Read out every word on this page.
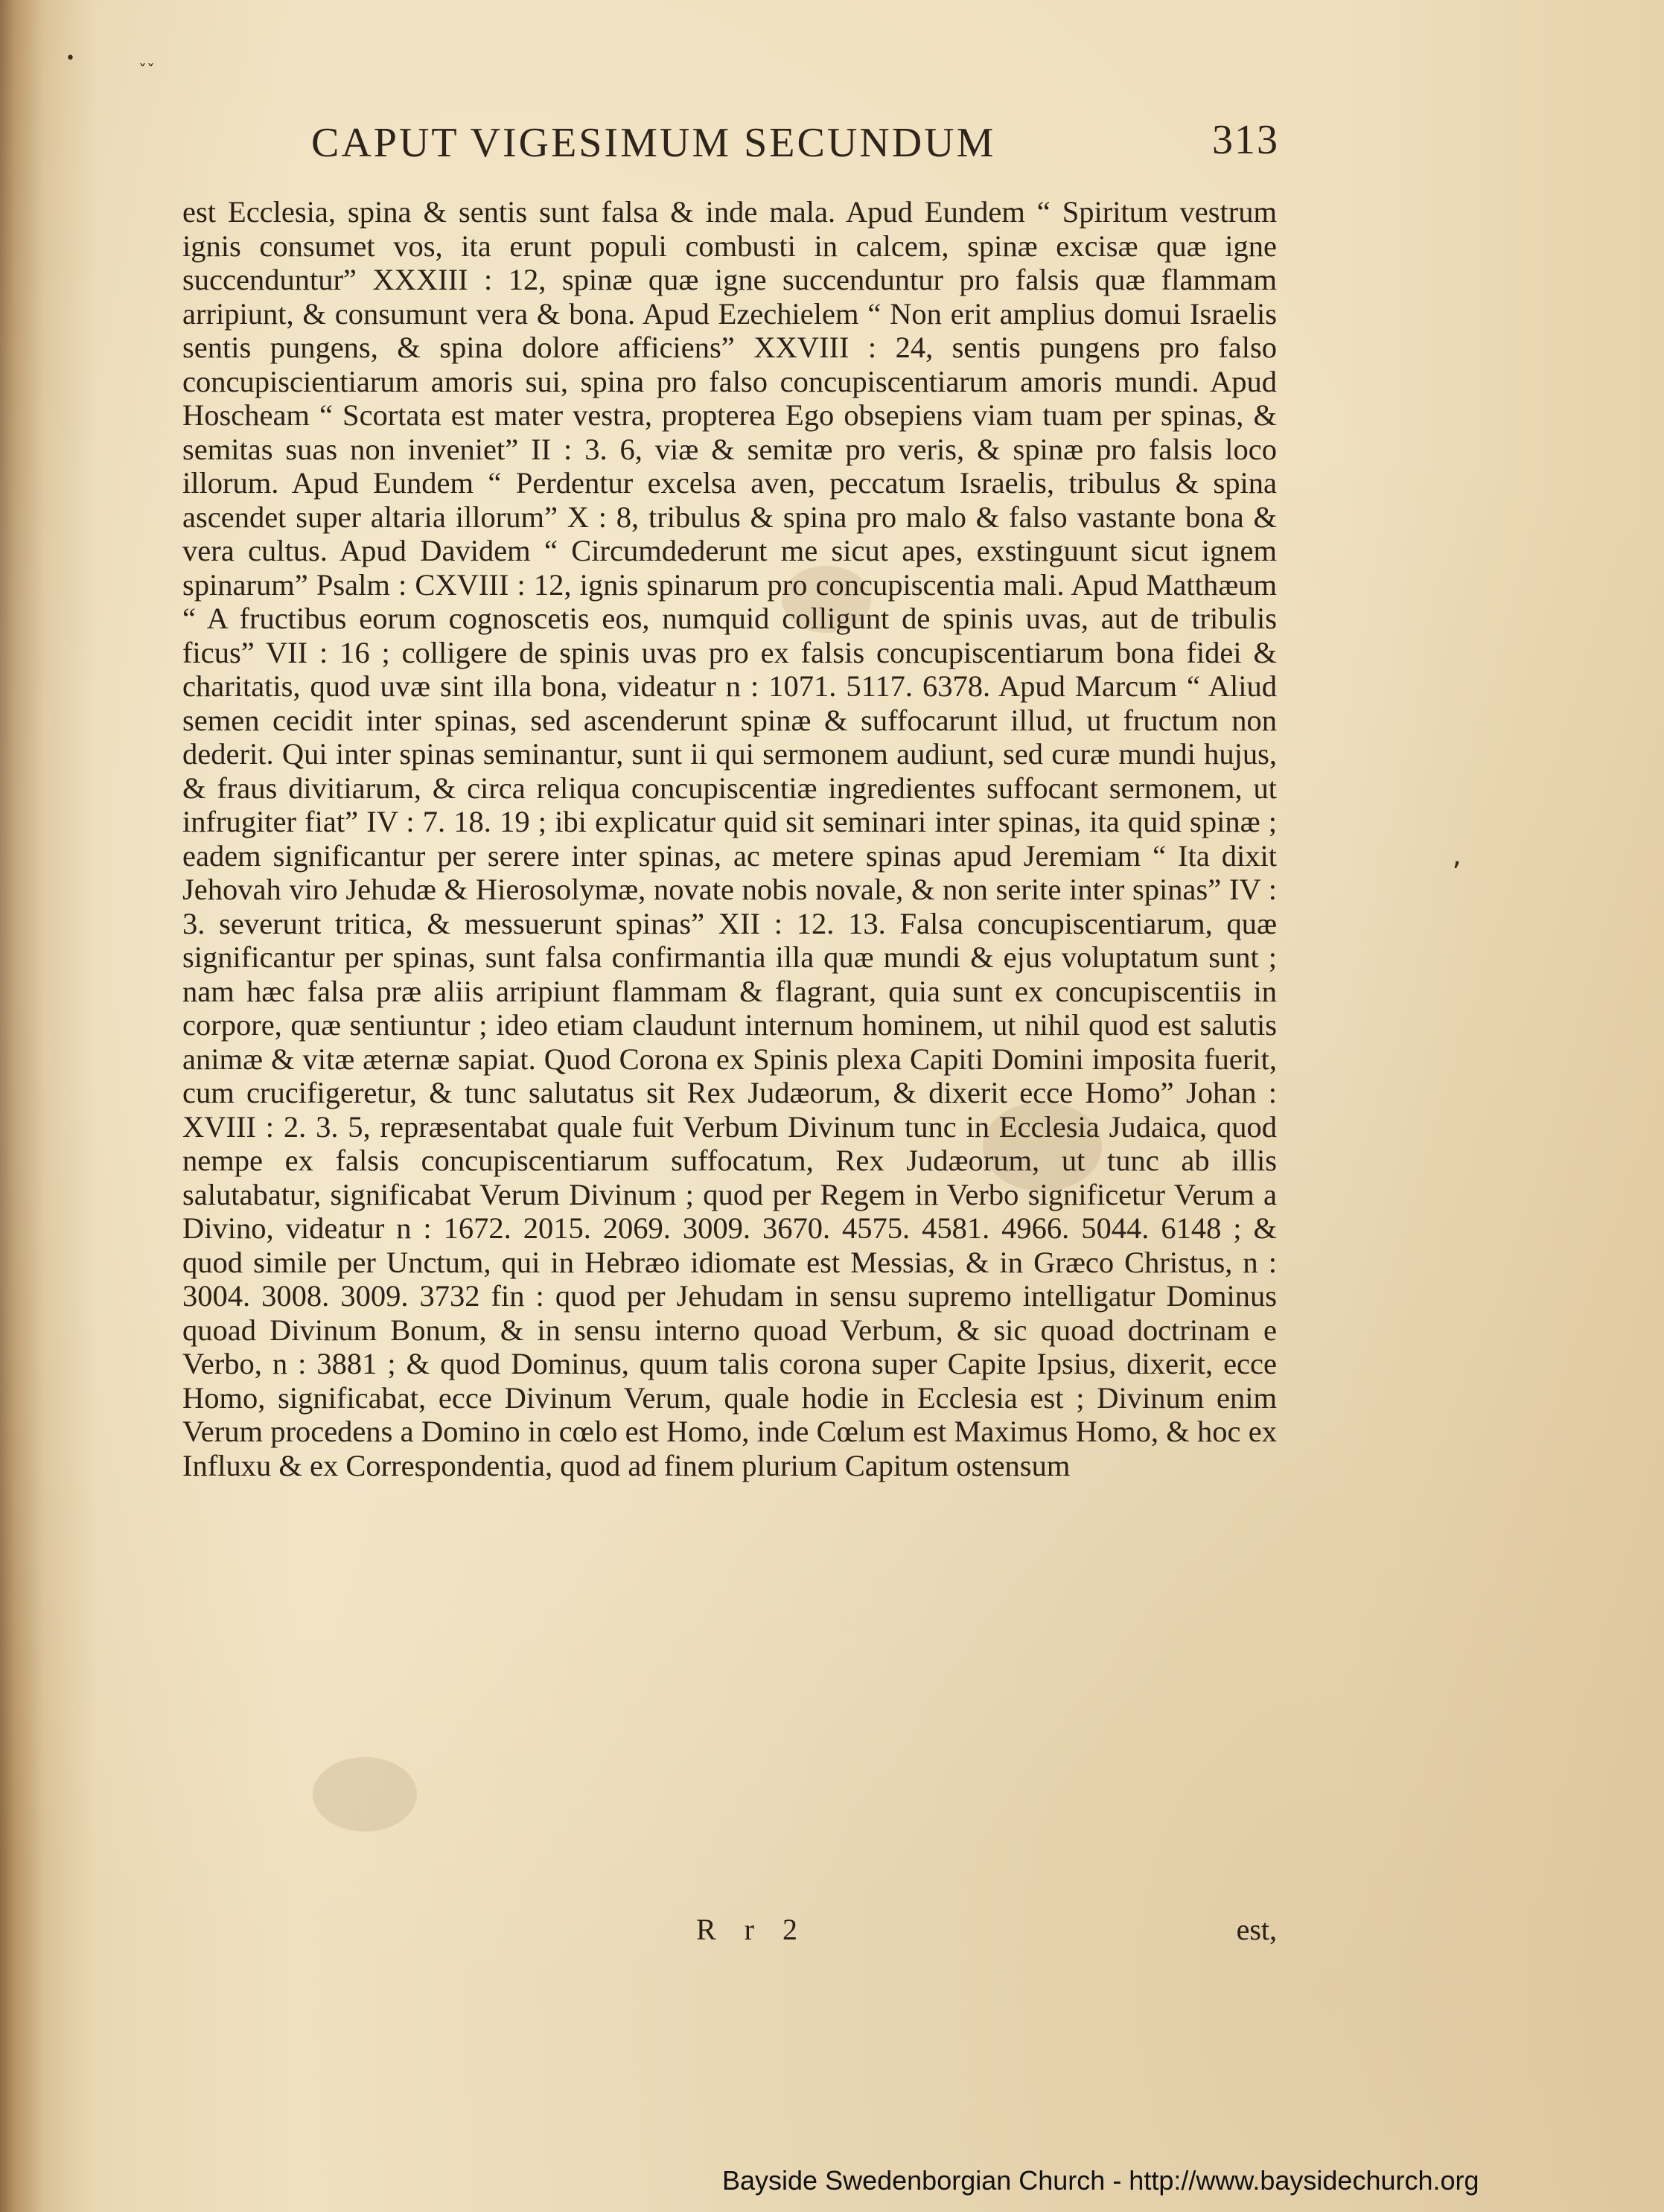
•
ˇˇ
ʼ
CAPUT VIGESIMUM SECUNDUM	313

est Ecclesia, spina & sentis sunt falsa & inde mala. Apud Eundem “ Spiritum vestrum ignis consumet vos, ita erunt populi combusti in calcem, spinæ excisæ quæ igne succenduntur” XXXIII : 12, spinæ quæ igne succenduntur pro falsis quæ flammam arripiunt, & consumunt vera & bona. Apud Ezechielem “ Non erit amplius domui Israelis sentis pungens, & spina dolore afficiens” XXVIII : 24, sentis pungens pro falso concupiscientiarum amoris sui, spina pro falso concupiscentiarum amoris mundi. Apud Hoscheam “ Scortata est mater vestra, propterea Ego obsepiens viam tuam per spinas, & semitas suas non inveniet” II : 3. 6, viæ & semitæ pro veris, & spinæ pro falsis loco illorum. Apud Eundem “ Perdentur excelsa aven, peccatum Israelis, tribulus & spina ascendet super altaria illorum” X : 8, tribulus & spina pro malo & falso vastante bona & vera cultus. Apud Davidem “ Circumdederunt me sicut apes, exstinguunt sicut ignem spinarum” Psalm : CXVIII : 12, ignis spinarum pro concupiscentia mali. Apud Matthæum “ A fructibus eorum cognoscetis eos, numquid colligunt de spinis uvas, aut de tribulis ficus” VII : 16 ; colligere de spinis uvas pro ex falsis concupiscentiarum bona fidei & charitatis, quod uvæ sint illa bona, videatur n : 1071. 5117. 6378. Apud Marcum “ Aliud semen cecidit inter spinas, sed ascenderunt spinæ & suffocarunt illud, ut fructum non dederit. Qui inter spinas seminantur, sunt ii qui sermonem audiunt, sed curæ mundi hujus, & fraus divitiarum, & circa reliqua concupiscentiæ ingredientes suffocant sermonem, ut infrugiter fiat” IV : 7. 18. 19 ; ibi explicatur quid sit seminari inter spinas, ita quid spinæ ; eadem significantur per serere inter spinas, ac metere spinas apud Jeremiam “ Ita dixit Jehovah viro Jehudæ & Hierosolymæ, novate nobis novale, & non serite inter spinas” IV : 3. severunt tritica, & messuerunt spinas” XII : 12. 13. Falsa concupiscentiarum, quæ significantur per spinas, sunt falsa confirmantia illa quæ mundi & ejus voluptatum sunt ; nam hæc falsa præ aliis arripiunt flammam & flagrant, quia sunt ex concupiscentiis in corpore, quæ sentiuntur ; ideo etiam claudunt internum hominem, ut nihil quod est salutis animæ & vitæ æternæ sapiat. Quod Corona ex Spinis plexa Capiti Domini imposita fuerit, cum crucifigeretur, & tunc salutatus sit Rex Judæorum, & dixerit ecce Homo” Johan : XVIII : 2. 3. 5, repræsentabat quale fuit Verbum Divinum tunc in Ecclesia Judaica, quod nempe ex falsis concupiscentiarum suffocatum, Rex Judæorum, ut tunc ab illis salutabatur, significabat Verum Divinum ; quod per Regem in Verbo significetur Verum a Divino, videatur n : 1672. 2015. 2069. 3009. 3670. 4575. 4581. 4966. 5044. 6148 ; & quod simile per Unctum, qui in Hebræo idiomate est Messias, & in Græco Christus, n : 3004. 3008. 3009. 3732 fin : quod per Jehudam in sensu supremo intelligatur Dominus quoad Divinum Bonum, & in sensu interno quoad Verbum, & sic quoad doctrinam e Verbo, n : 3881 ; & quod Dominus, quum talis corona super Capite Ipsius, dixerit, ecce Homo, significabat, ecce Divinum Verum, quale hodie in Ecclesia est ; Divinum enim Verum procedens a Domino in cœlo est Homo, inde Cœlum est Maximus Homo, & hoc ex Influxu & ex Correspondentia, quod ad finem plurium Capitum ostensum

R r 2	est,
Bayside Swedenborgian Church - http://www.baysidechurch.org
